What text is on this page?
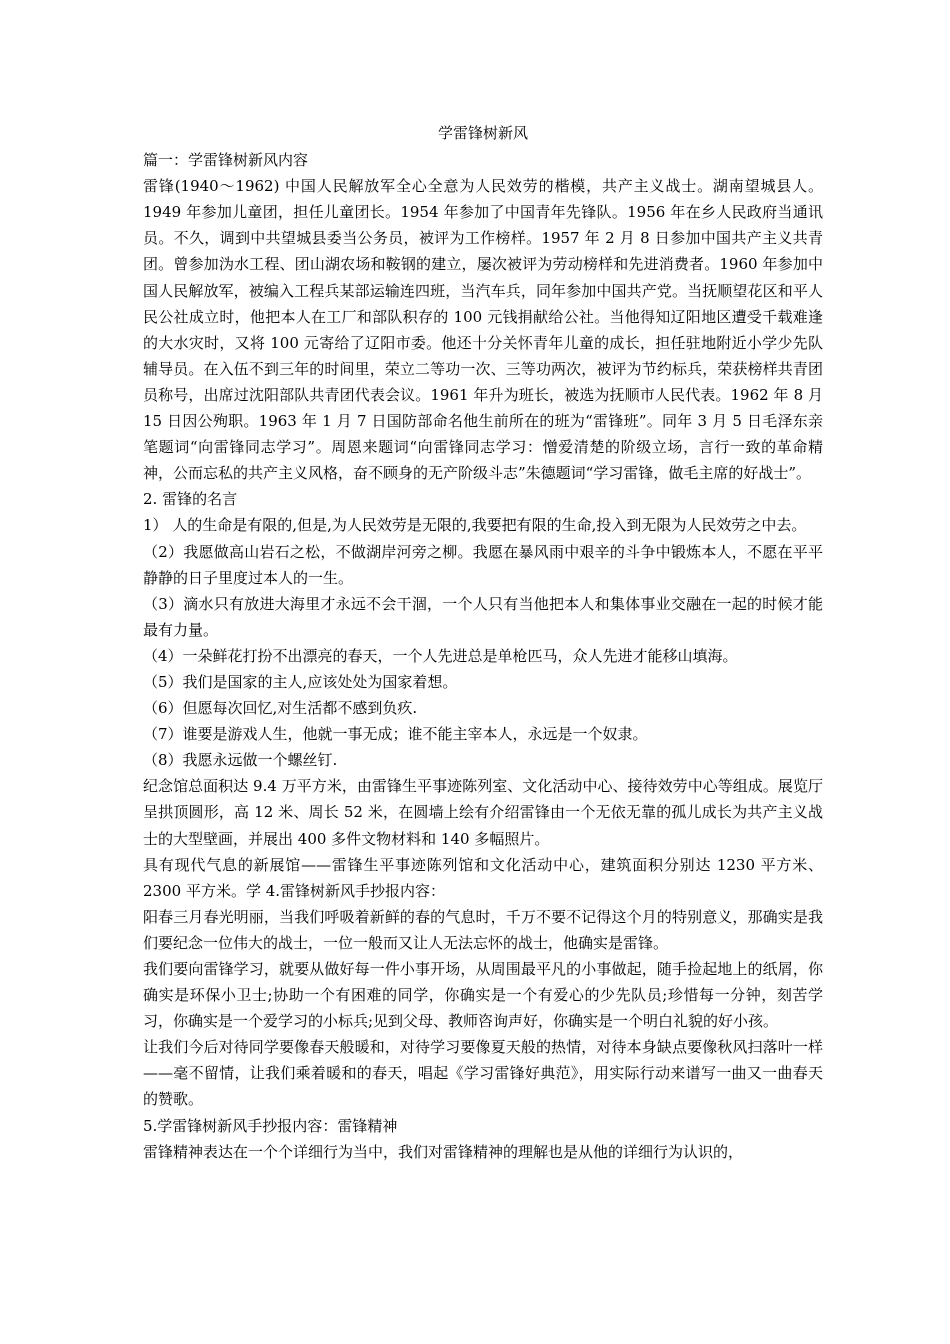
学雷锋树新风

篇一：学雷锋树新风内容

雷锋(1940～1962) 中国人民解放军全心全意为人民效劳的楷模，共产主义战士。湖南望城县人。1949 年参加儿童团，担任儿童团长。1954 年参加了中国青年先锋队。1956 年在乡人民政府当通讯员。不久，调到中共望城县委当公务员，被评为工作榜样。1957 年 2 月 8 日参加中国共产主义共青团。曾参加沩水工程、团山湖农场和鞍钢的建立，屡次被评为劳动榜样和先进消费者。1960 年参加中国人民解放军，被编入工程兵某部运输连四班，当汽车兵，同年参加中国共产党。当抚顺望花区和平人民公社成立时，他把本人在工厂和部队积存的 100 元钱捐献给公社。当他得知辽阳地区遭受千载难逢的大水灾时，又将 100 元寄给了辽阳市委。他还十分关怀青年儿童的成长，担任驻地附近小学少先队辅导员。在入伍不到三年的时间里，荣立二等功一次、三等功两次，被评为节约标兵，荣获榜样共青团员称号，出席过沈阳部队共青团代表会议。1961 年升为班长，被选为抚顺市人民代表。1962 年 8 月 15 日因公殉职。1963 年 1 月 7 日国防部命名他生前所在的班为“雷锋班”。同年 3 月 5 日毛泽东亲笔题词“向雷锋同志学习”。周恩来题词“向雷锋同志学习：憎爱清楚的阶级立场，言行一致的革命精神，公而忘私的共产主义风格，奋不顾身的无产阶级斗志”朱德题词“学习雷锋，做毛主席的好战士”。

2. 雷锋的名言

1） 人的生命是有限的,但是,为人民效劳是无限的,我要把有限的生命,投入到无限为人民效劳之中去。

（2）我愿做高山岩石之松，不做湖岸河旁之柳。我愿在暴风雨中艰辛的斗争中锻炼本人，不愿在平平静静的日子里度过本人的一生。

（3）滴水只有放进大海里才永远不会干涸，一个人只有当他把本人和集体事业交融在一起的时候才能最有力量。

（4）一朵鲜花打扮不出漂亮的春天，一个人先进总是单枪匹马，众人先进才能移山填海。

（5）我们是国家的主人,应该处处为国家着想。

（6）但愿每次回忆,对生活都不感到负疚.

（7）谁要是游戏人生，他就一事无成；谁不能主宰本人，永远是一个奴隶。

（8）我愿永远做一个螺丝钉.

纪念馆总面积达 9.4 万平方米，由雷锋生平事迹陈列室、文化活动中心、接待效劳中心等组成。展览厅呈拱顶圆形，高 12 米、周长 52 米，在圆墙上绘有介绍雷锋由一个无依无靠的孤儿成长为共产主义战士的大型壁画，并展出 400 多件文物材料和 140 多幅照片。

具有现代气息的新展馆——雷锋生平事迹陈列馆和文化活动中心，建筑面积分别达 1230 平方米、2300 平方米。学 4.雷锋树新风手抄报内容：

阳春三月春光明丽，当我们呼吸着新鲜的春的气息时，千万不要不记得这个月的特别意义，那确实是我们要纪念一位伟大的战士，一位一般而又让人无法忘怀的战士，他确实是雷锋。

我们要向雷锋学习，就要从做好每一件小事开场，从周围最平凡的小事做起，随手捡起地上的纸屑，你确实是环保小卫士;协助一个有困难的同学，你确实是一个有爱心的少先队员;珍惜每一分钟，刻苦学习，你确实是一个爱学习的小标兵;见到父母、教师咨询声好，你确实是一个明白礼貌的好小孩。

让我们今后对待同学要像春天般暖和，对待学习要像夏天般的热情，对待本身缺点要像秋风扫落叶一样——毫不留情，让我们乘着暖和的春天，唱起《学习雷锋好典范》，用实际行动来谱写一曲又一曲春天的赞歌。

5.学雷锋树新风手抄报内容：雷锋精神

雷锋精神表达在一个个详细行为当中，我们对雷锋精神的理解也是从他的详细行为认识的，
